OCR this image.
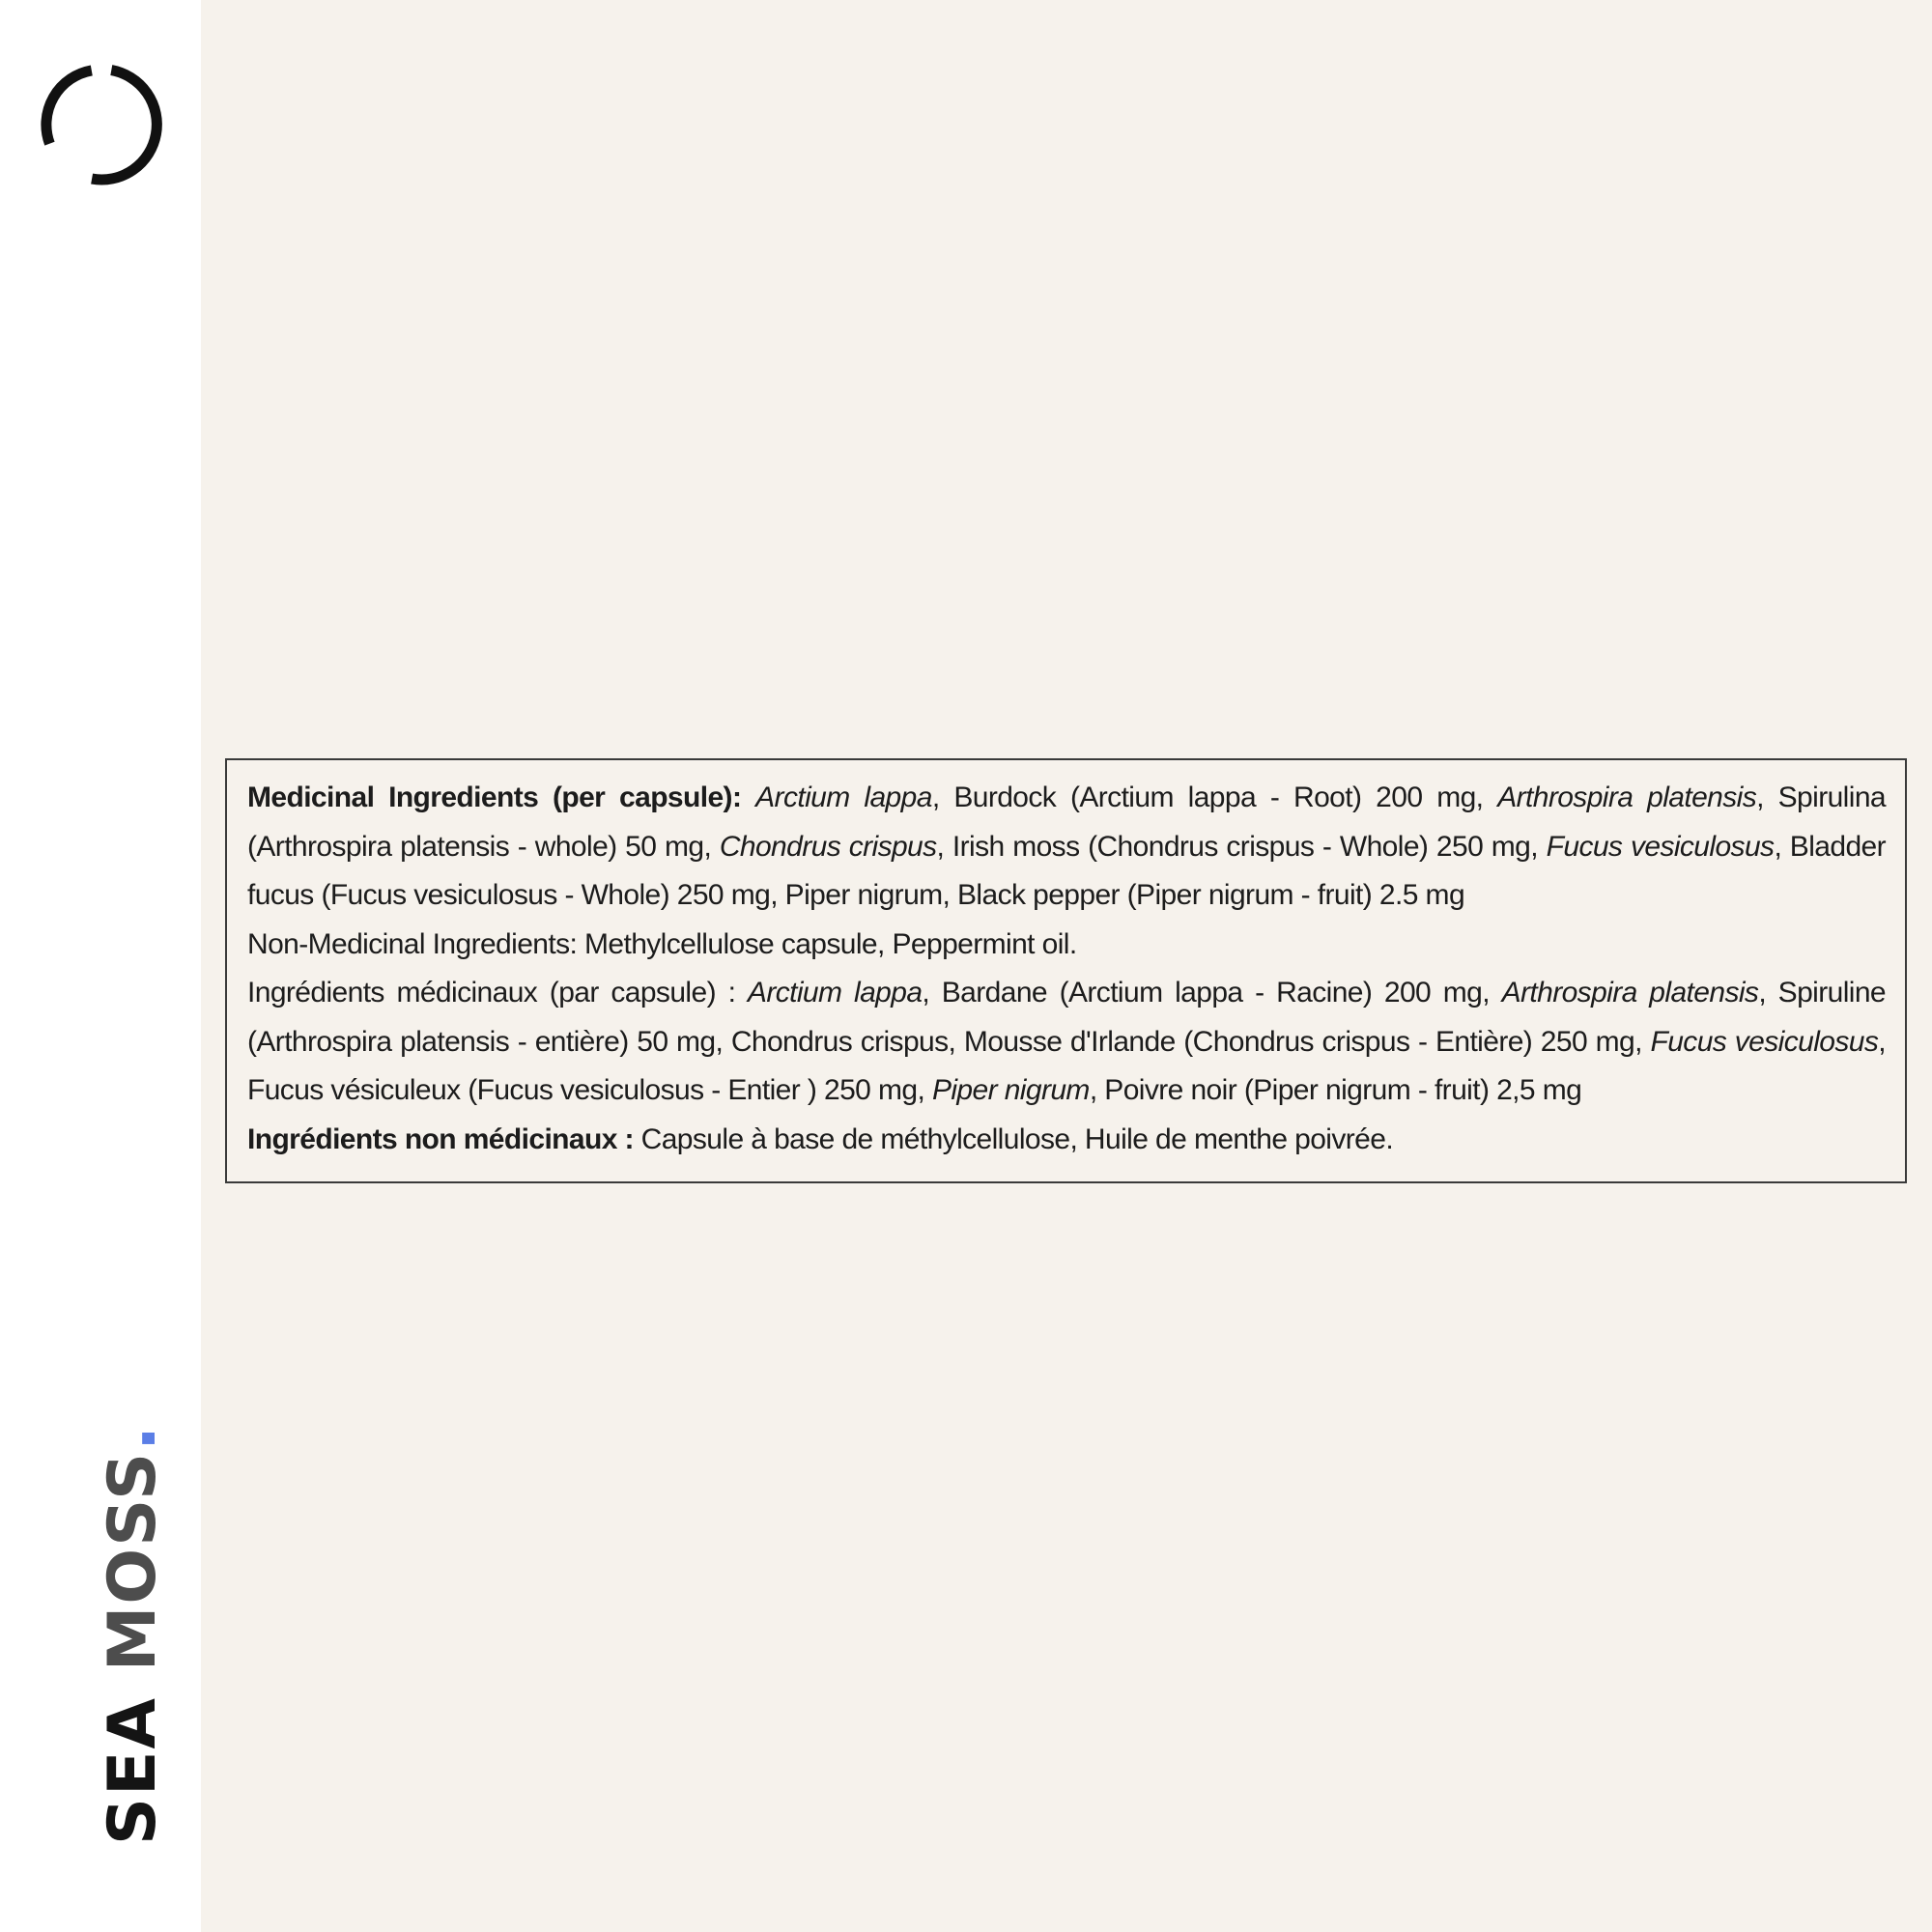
SEA MOSS.

Medicinal Ingredients (per capsule): Arctium lappa, Burdock (Arctium lappa - Root) 200 mg, Arthrospira platensis, Spirulina (Arthrospira platensis - whole) 50 mg, Chondrus crispus, Irish moss (Chondrus crispus - Whole) 250 mg, Fucus vesiculosus, Bladder fucus (Fucus vesiculosus - Whole) 250 mg, Piper nigrum, Black pepper (Piper nigrum - fruit) 2.5 mg

Non-Medicinal Ingredients: Methylcellulose capsule, Peppermint oil.

Ingrédients médicinaux (par capsule) : Arctium lappa, Bardane (Arctium lappa - Racine) 200 mg, Arthrospira platensis, Spiruline (Arthrospira platensis - entière) 50 mg, Chondrus crispus, Mousse d'Irlande (Chondrus crispus - Entière) 250 mg, Fucus vesiculosus, Fucus vésiculeux (Fucus vesiculosus - Entier ) 250 mg, Piper nigrum, Poivre noir (Piper nigrum - fruit) 2,5 mg

Ingrédients non médicinaux : Capsule à base de méthylcellulose, Huile de menthe poivrée.
